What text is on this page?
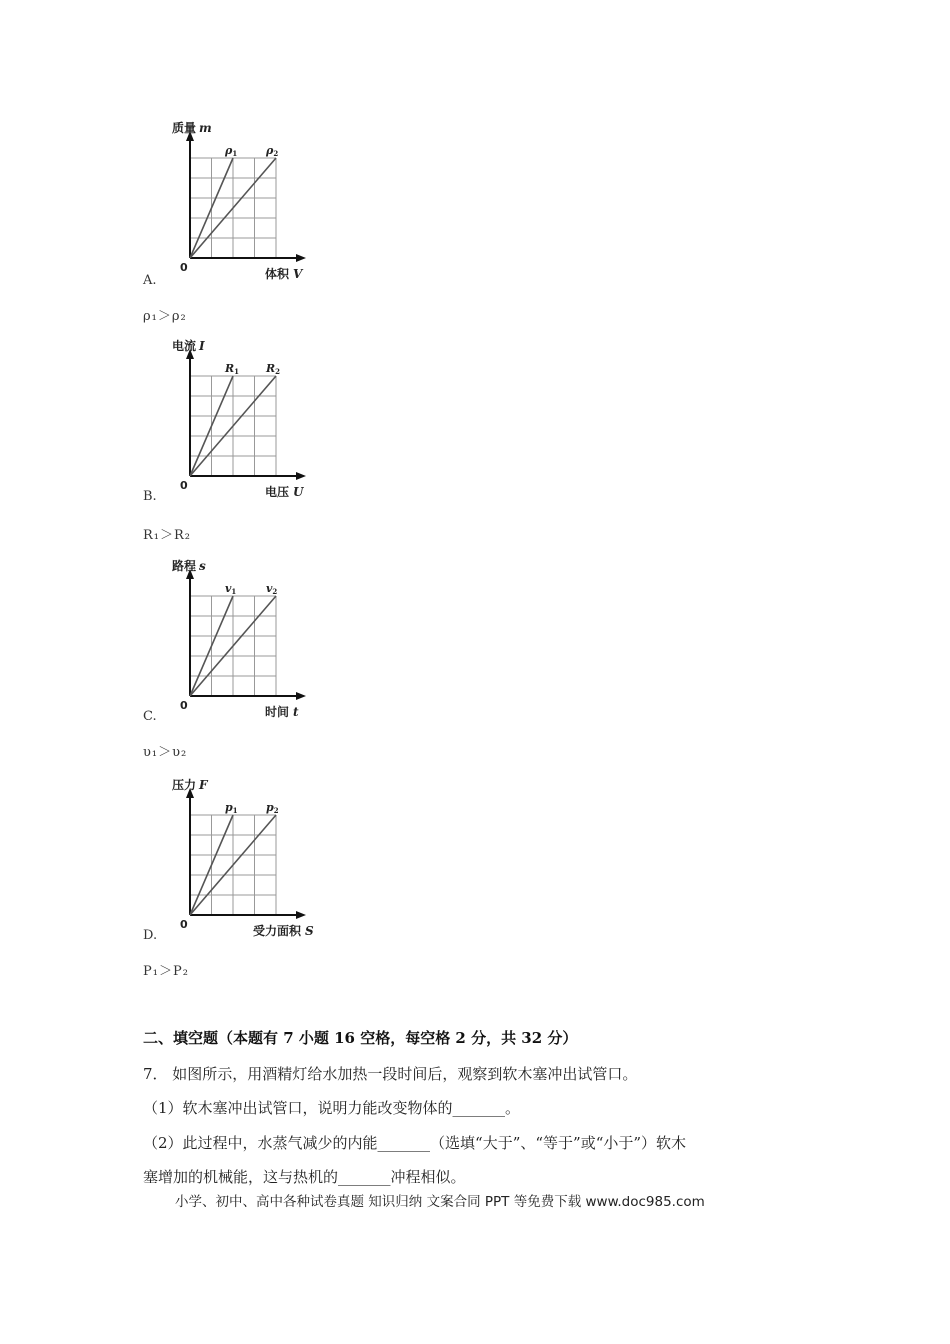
质量 m
体积 V
0
ρ1	ρ2
A.
ρ₁＞ρ₂
电流 I
电压 U
0
R1 R2
B.
R₁＞R₂
路程 s
时间 t
0
v1	v2
C.
υ₁＞υ₂
压力 F
受力面积 S
0
p1	p2
D.
P₁＞P₂
二、填空题（本题有 7 小题 16 空格，每空格 2 分，共 32 分）
7． 如图所示，用酒精灯给水加热一段时间后，观察到软木塞冲出试管口。
（1）软木塞冲出试管口，说明力能改变物体的_______。
（2）此过程中，水蒸气减少的内能_______（选填“大于”、“等于”或“小于”）软木
塞增加的机械能，这与热机的_______冲程相似。
小学、初中、高中各种试卷真题 知识归纳 文案合同 PPT 等免费下载 www.doc985.com
